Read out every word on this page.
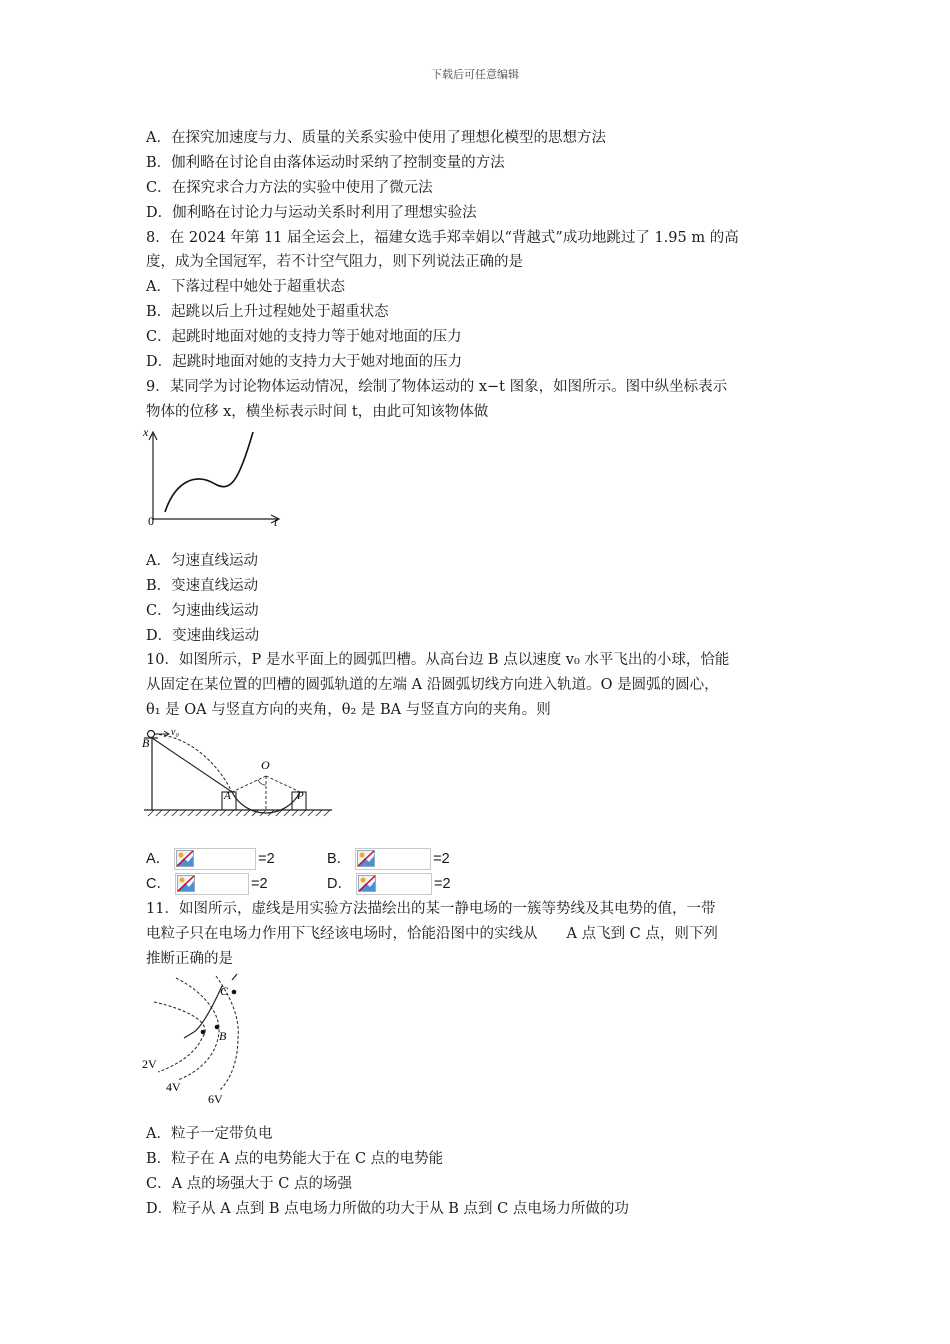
下载后可任意编辑
A．在探究加速度与力、质量的关系实验中使用了理想化模型的思想方法
B．伽利略在讨论自由落体运动时采纳了控制变量的方法
C．在探究求合力方法的实验中使用了微元法
D．伽利略在讨论力与运动关系时利用了理想实验法
8．在 2024 年第 11 届全运会上，福建女选手郑幸娟以“背越式”成功地跳过了 1.95 m 的高
度，成为全国冠军，若不计空气阻力，则下列说法正确的是
A．下落过程中她处于超重状态
B．起跳以后上升过程她处于超重状态
C．起跳时地面对她的支持力等于她对地面的压力
D．起跳时地面对她的支持力大于她对地面的压力
9．某同学为讨论物体运动情况，绘制了物体运动的 x−t 图象，如图所示。图中纵坐标表示
物体的位移 x，横坐标表示时间 t，由此可知该物体做
x
t
0
A．匀速直线运动
B．变速直线运动
C．匀速曲线运动
D．变速曲线运动
10．如图所示，P 是水平面上的圆弧凹槽。从高台边 B 点以速度 v₀ 水平飞出的小球，恰能
从固定在某位置的凹槽的圆弧轨道的左端 A 沿圆弧切线方向进入轨道。O 是圆弧的圆心，
θ₁ 是 OA 与竖直方向的夹角，θ₂ 是 BA 与竖直方向的夹角。则
v₀
B
O
A	P
A．	=2	B．	=2
C．	=2	D．	=2
11．如图所示，虚线是用实验方法描绘出的某一静电场的一簇等势线及其电势的值，一带
电粒子只在电场力作用下飞经该电场时，恰能沿图中的实线从　　A 点飞到 C 点，则下列
推断正确的是
C
B
2V
4V
6V
A．粒子一定带负电
B．粒子在 A 点的电势能大于在 C 点的电势能
C．A 点的场强大于 C 点的场强
D．粒子从 A 点到 B 点电场力所做的功大于从 B 点到 C 点电场力所做的功
